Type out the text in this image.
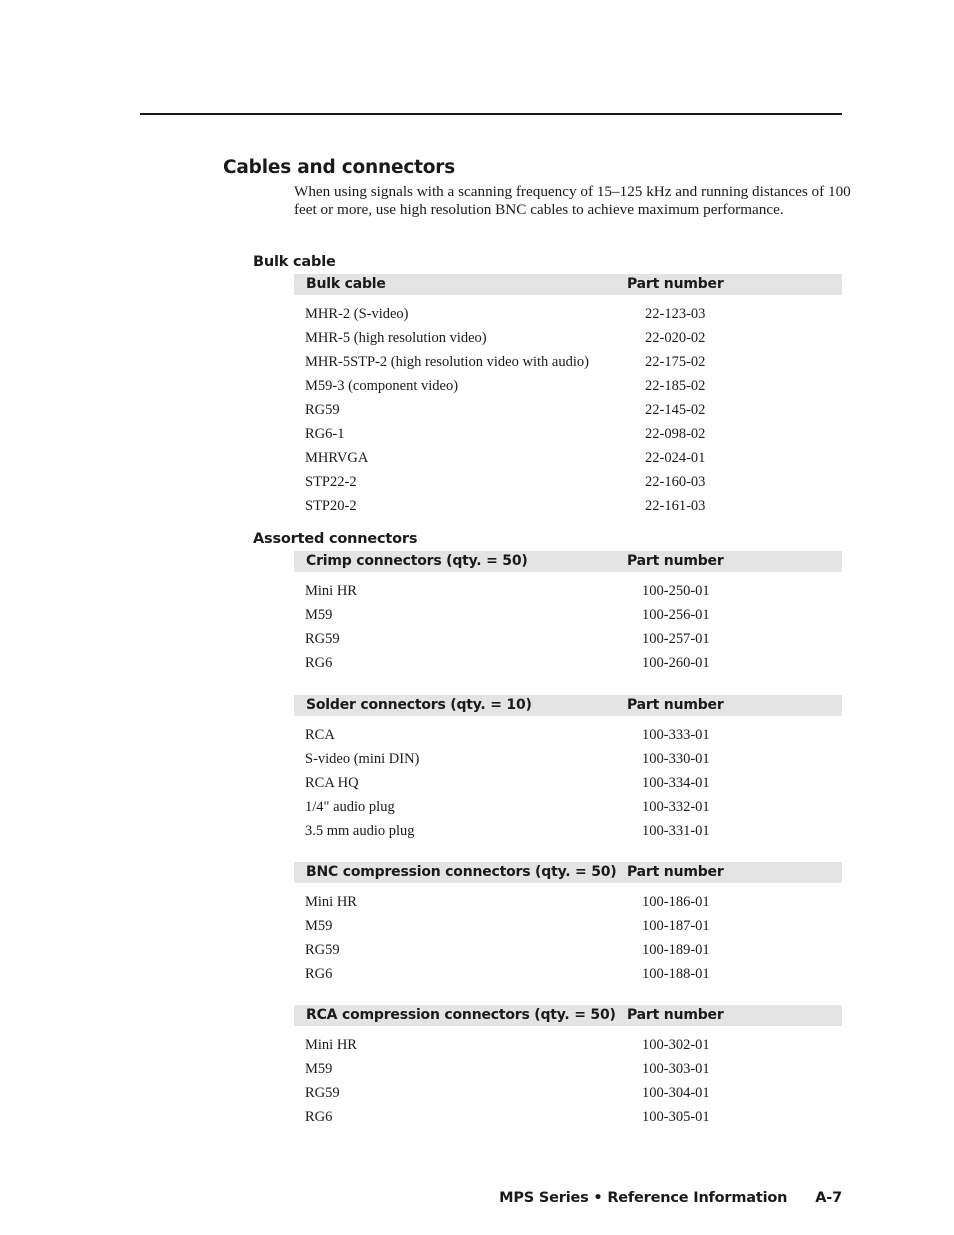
Cables and connectors

When using signals with a scanning frequency of 15–125 kHz and running distances of 100 feet or more, use high resolution BNC cables to achieve maximum performance.

Bulk cable
Bulk cable	Part number
MHR-2 (S-video)	22-123-03
MHR-5 (high resolution video)	22-020-02
MHR-5STP-2 (high resolution video with audio)	22-175-02
M59-3 (component video)	22-185-02
RG59	22-145-02
RG6-1	22-098-02
MHRVGA	22-024-01
STP22-2	22-160-03
STP20-2	22-161-03
Assorted connectors
Crimp connectors (qty. = 50)	Part number
Mini HR	100-250-01
M59	100-256-01
RG59	100-257-01
RG6	100-260-01
Solder connectors (qty. = 10)	Part number
RCA	100-333-01
S-video (mini DIN)	100-330-01
RCA HQ	100-334-01
1/4" audio plug	100-332-01
3.5 mm audio plug	100-331-01
BNC compression connectors (qty. = 50) Part number
Mini HR	100-186-01
M59	100-187-01
RG59	100-189-01
RG6	100-188-01
RCA compression connectors (qty. = 50) Part number
Mini HR	100-302-01
M59	100-303-01
RG59	100-304-01
RG6	100-305-01
MPS Series • Reference Information A-7
